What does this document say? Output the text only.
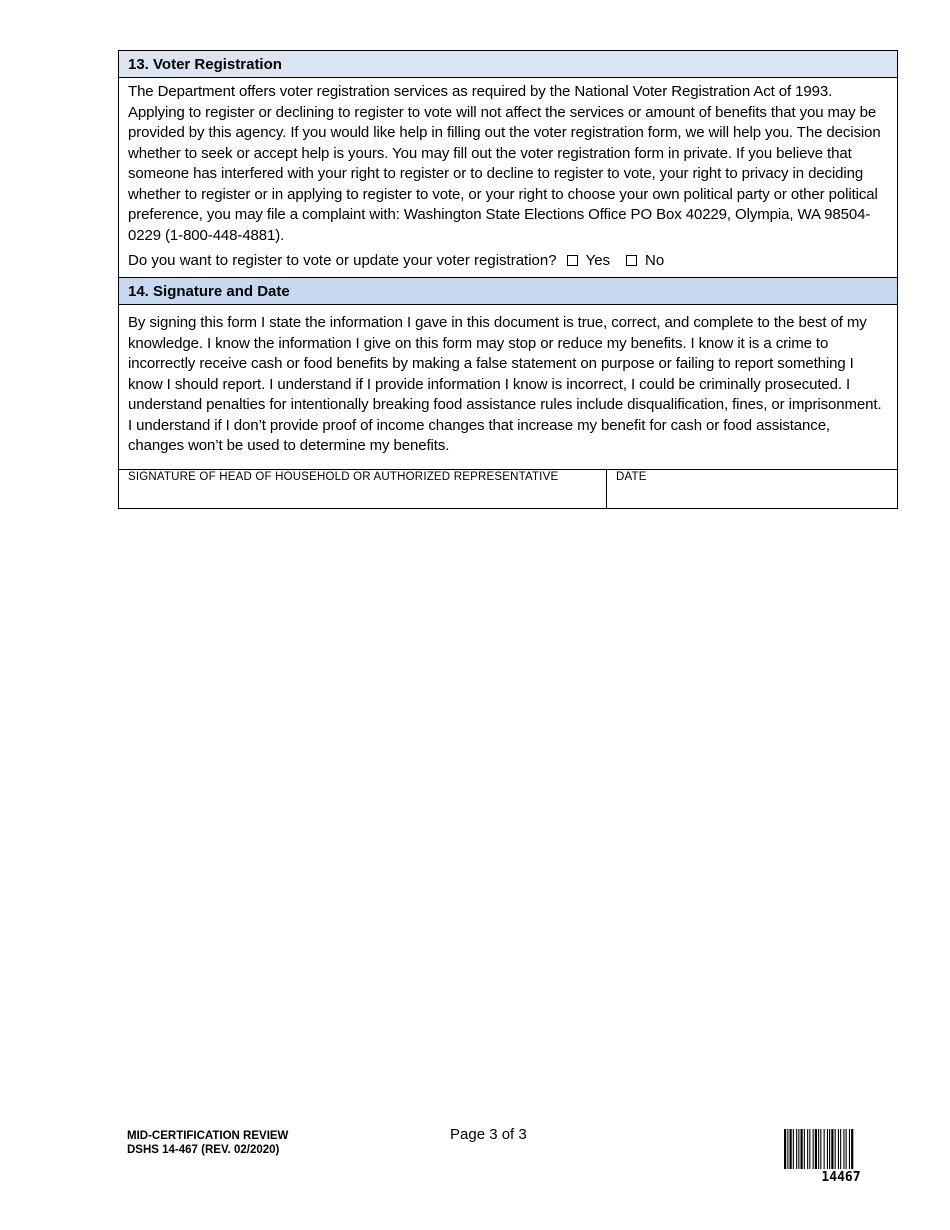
13. Voter Registration
The Department offers voter registration services as required by the National Voter Registration Act of 1993. Applying to register or declining to register to vote will not affect the services or amount of benefits that you may be provided by this agency. If you would like help in filling out the voter registration form, we will help you. The decision whether to seek or accept help is yours. You may fill out the voter registration form in private. If you believe that someone has interfered with your right to register or to decline to register to vote, your right to privacy in deciding whether to register or in applying to register to vote, or your right to choose your own political party or other political preference, you may file a complaint with: Washington State Elections Office PO Box 40229, Olympia, WA 98504-0229 (1-800-448-4881).
Do you want to register to vote or update your voter registration? Yes No
14. Signature and Date
By signing this form I state the information I gave in this document is true, correct, and complete to the best of my knowledge. I know the information I give on this form may stop or reduce my benefits. I know it is a crime to incorrectly receive cash or food benefits by making a false statement on purpose or failing to report something I know I should report. I understand if I provide information I know is incorrect, I could be criminally prosecuted. I understand penalties for intentionally breaking food assistance rules include disqualification, fines, or imprisonment. I understand if I don’t provide proof of income changes that increase my benefit for cash or food assistance, changes won’t be used to determine my benefits.
SIGNATURE OF HEAD OF HOUSEHOLD OR AUTHORIZED REPRESENTATIVE	DATE
MID-CERTIFICATION REVIEW
DSHS 14-467 (REV. 02/2020)
Page 3 of 3
14467
